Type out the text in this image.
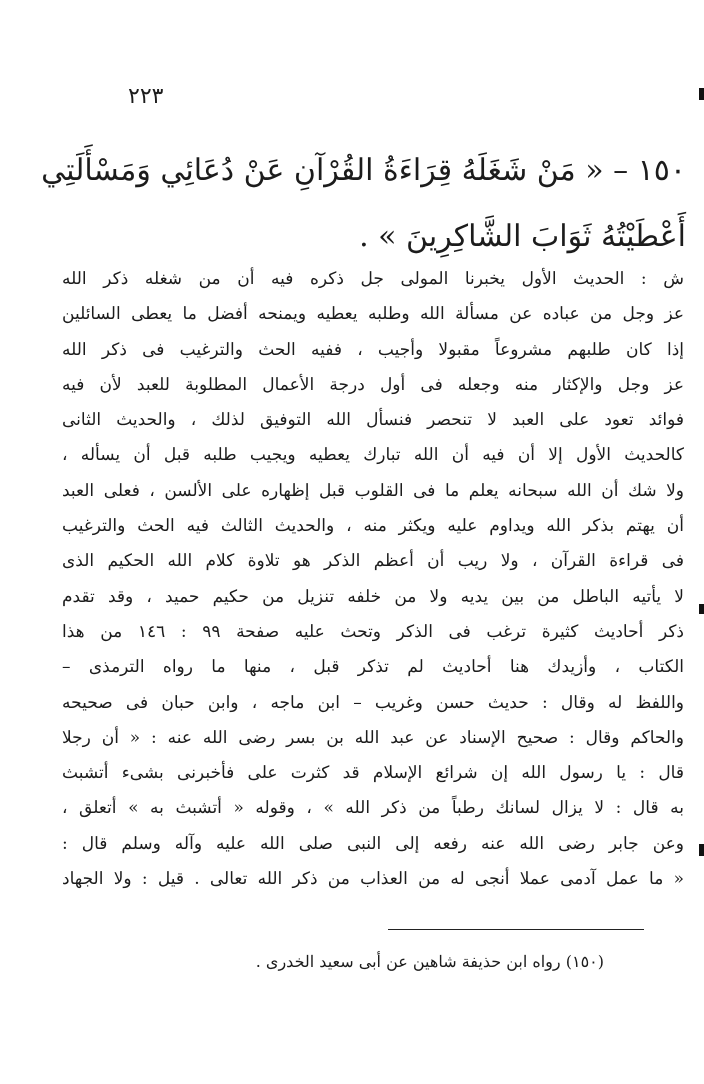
٢٢٣
١٥٠ – « مَنْ شَغَلَهُ قِرَاءَةُ القُرْآنِ عَنْ دُعَائِي وَمَسْأَلَتِي
أَعْطَيْتُهُ ثَوَابَ الشَّاكِرِينَ » .
ش : الحديث الأول يخبرنا المولى جل ذكره فيه أن من شغله ذكر الله
عز وجل من عباده عن مسألة الله وطلبه يعطيه ويمنحه أفضل ما يعطى السائلين
إذا كان طلبهم مشروعاً مقبولا وأجيب ، ففيه الحث والترغيب فى ذكر الله
عز وجل والإكثار منه وجعله فى أول درجة الأعمال المطلوبة للعبد لأن فيه
فوائد تعود على العبد لا تنحصر فنسأل الله التوفيق لذلك ، والحديث الثانى
كالحديث الأول إلا أن فيه أن الله تبارك يعطيه ويجيب طلبه قبل أن يسأله ،
ولا شك أن الله سبحانه يعلم ما فى القلوب قبل إظهاره على الألسن ، فعلى العبد
أن يهتم بذكر الله ويداوم عليه ويكثر منه ، والحديث الثالث فيه الحث والترغيب
فى قراءة القرآن ، ولا ريب أن أعظم الذكر هو تلاوة كلام الله الحكيم الذى
لا يأتيه الباطل من بين يديه ولا من خلفه تنزيل من حكيم حميد ، وقد تقدم
ذكر أحاديث كثيرة ترغب فى الذكر وتحث عليه صفحة ٩٩ : ١٤٦ من هذا
الكتاب ، وأزيدك هنا أحاديث لم تذكر قبل ، منها ما رواه الترمذى –
واللفظ له وقال : حديث حسن وغريب – ابن ماجه ، وابن حبان فى صحيحه
والحاكم وقال : صحيح الإسناد عن عبد الله بن بسر رضى الله عنه : « أن رجلا
قال : يا رسول الله إن شرائع الإسلام قد كثرت على فأخبرنى بشىء أتشبث
به قال : لا يزال لسانك رطباً من ذكر الله » ، وقوله « أتشبث به » أتعلق ،
وعن جابر رضى الله عنه رفعه إلى النبى صلى الله عليه وآله وسلم قال :
« ما عمل آدمى عملا أنجى له من العذاب من ذكر الله تعالى . قيل : ولا الجهاد
(١٥٠) رواه ابن حذيفة شاهين عن أبى سعيد الخدرى .
